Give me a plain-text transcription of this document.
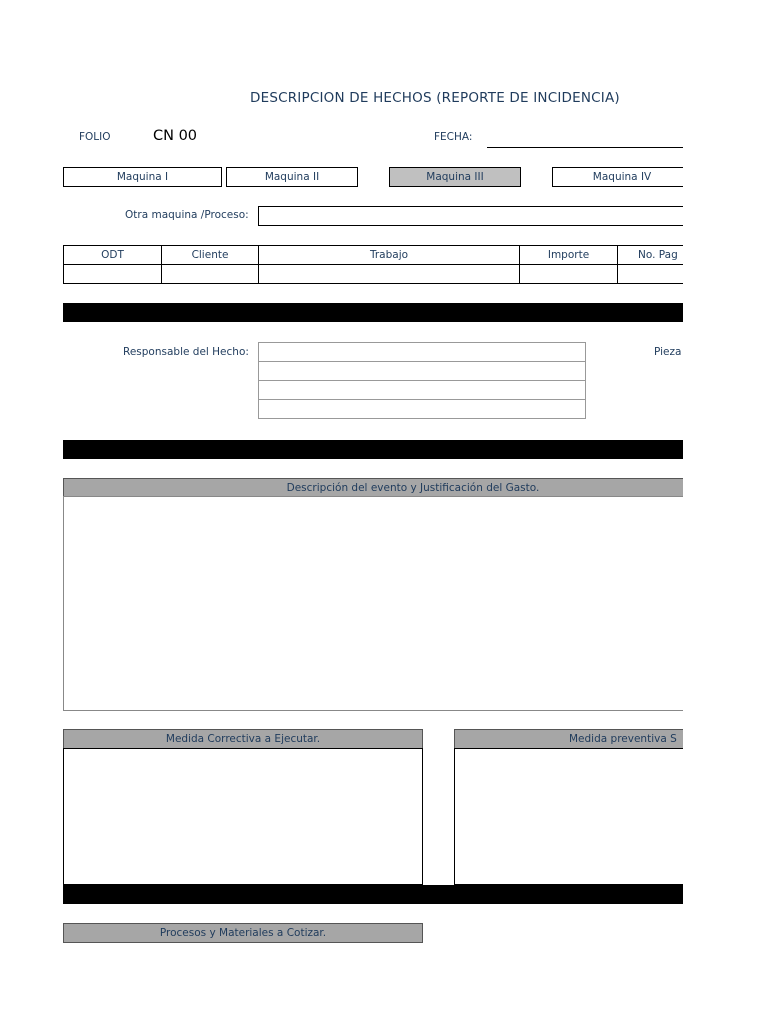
DESCRIPCION DE HECHOS (REPORTE DE INCIDENCIA)
FOLIO	CN 00	FECHA:
Maquina I	Maquina II	Maquina III	Maquina IV
Otra maquina /Proceso:
ODT	Cliente	Trabajo	Importe	No. Pag

Responsable del Hecho:	Pieza
Descripción del evento y Justificación del Gasto.
Medida Correctiva a Ejecutar.	Medida preventiva S
Procesos y Materiales a Cotizar.
